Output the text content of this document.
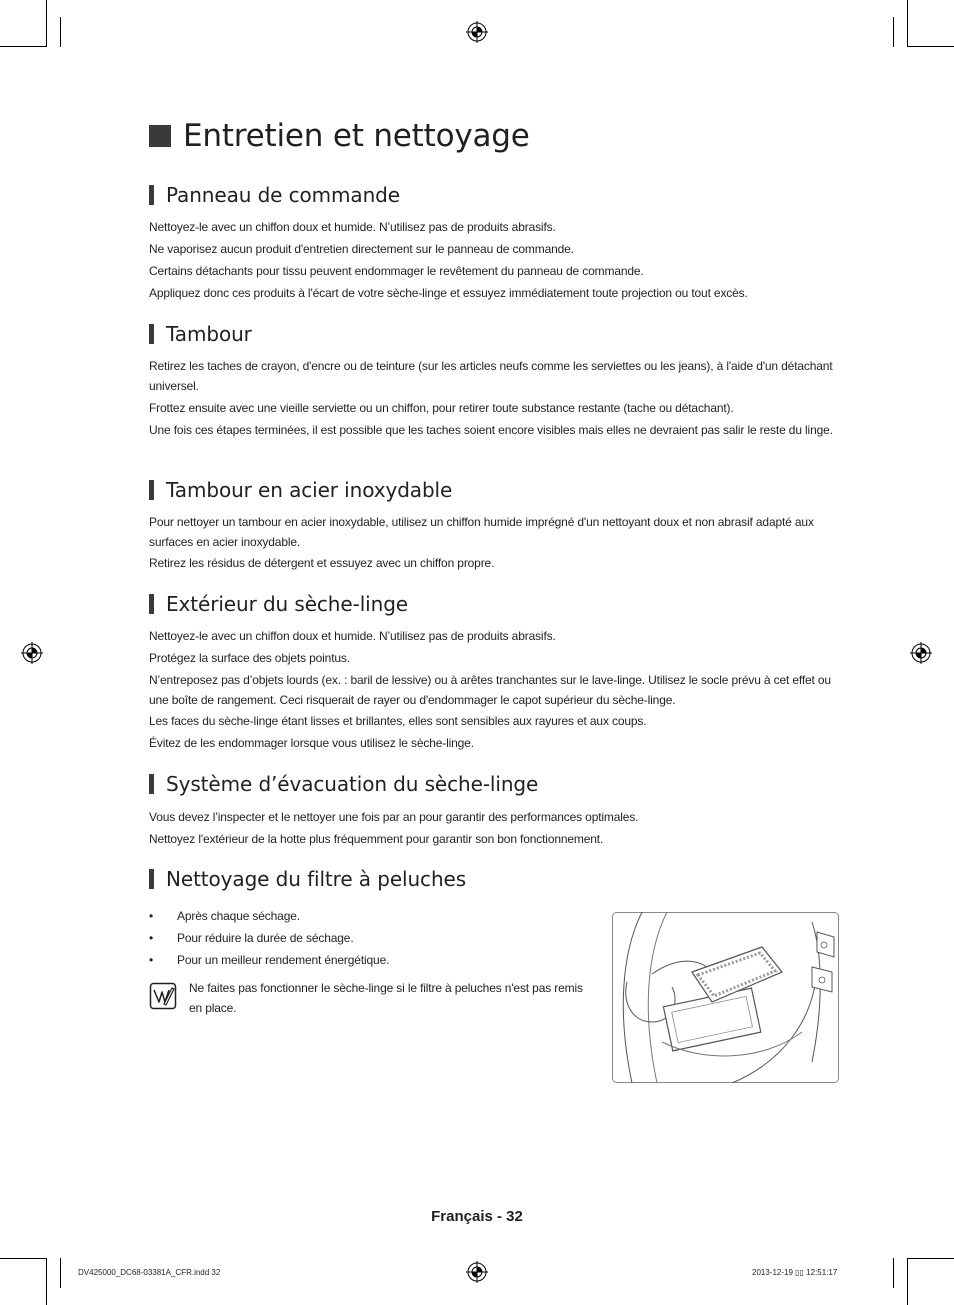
Entretien et nettoyage
Panneau de commande
Nettoyez-le avec un chiffon doux et humide. N’utilisez pas de produits abrasifs.
Ne vaporisez aucun produit d'entretien directement sur le panneau de commande.
Certains détachants pour tissu peuvent endommager le revêtement du panneau de commande.
Appliquez donc ces produits à l'écart de votre sèche-linge et essuyez immédiatement toute projection ou tout excès.
Tambour
Retirez les taches de crayon, d'encre ou de teinture (sur les articles neufs comme les serviettes ou les jeans), à l'aide d'un détachant universel.
Frottez ensuite avec une vieille serviette ou un chiffon, pour retirer toute substance restante (tache ou détachant).
Une fois ces étapes terminées, il est possible que les taches soient encore visibles mais elles ne devraient pas salir le reste du linge.
Tambour en acier inoxydable
Pour nettoyer un tambour en acier inoxydable, utilisez un chiffon humide imprégné d'un nettoyant doux et non abrasif adapté aux surfaces en acier inoxydable.
Retirez les résidus de détergent et essuyez avec un chiffon propre.
Extérieur du sèche-linge
Nettoyez-le avec un chiffon doux et humide. N’utilisez pas de produits abrasifs.
Protégez la surface des objets pointus.
N’entreposez pas d’objets lourds (ex. : baril de lessive) ou à arêtes tranchantes sur le lave-linge. Utilisez le socle prévu à cet effet ou une boîte de rangement. Ceci risquerait de rayer ou d'endommager le capot supérieur du sèche-linge.
Les faces du sèche-linge étant lisses et brillantes, elles sont sensibles aux rayures et aux coups.
Évitez de les endommager lorsque vous utilisez le sèche-linge.
Système d’évacuation du sèche-linge
Vous devez l’inspecter et le nettoyer une fois par an pour garantir des performances optimales.
Nettoyez l'extérieur de la hotte plus fréquemment pour garantir son bon fonctionnement.
Nettoyage du filtre à peluches
• Après chaque séchage.
• Pour réduire la durée de séchage.
• Pour un meilleur rendement énergétique.
Ne faites pas fonctionner le sèche-linge si le filtre à peluches n'est pas remis en place.
Français - 32
DV425000_DC68-03381A_CFR.indd 32	2013-12-19 ▯▯ 12:51:17
